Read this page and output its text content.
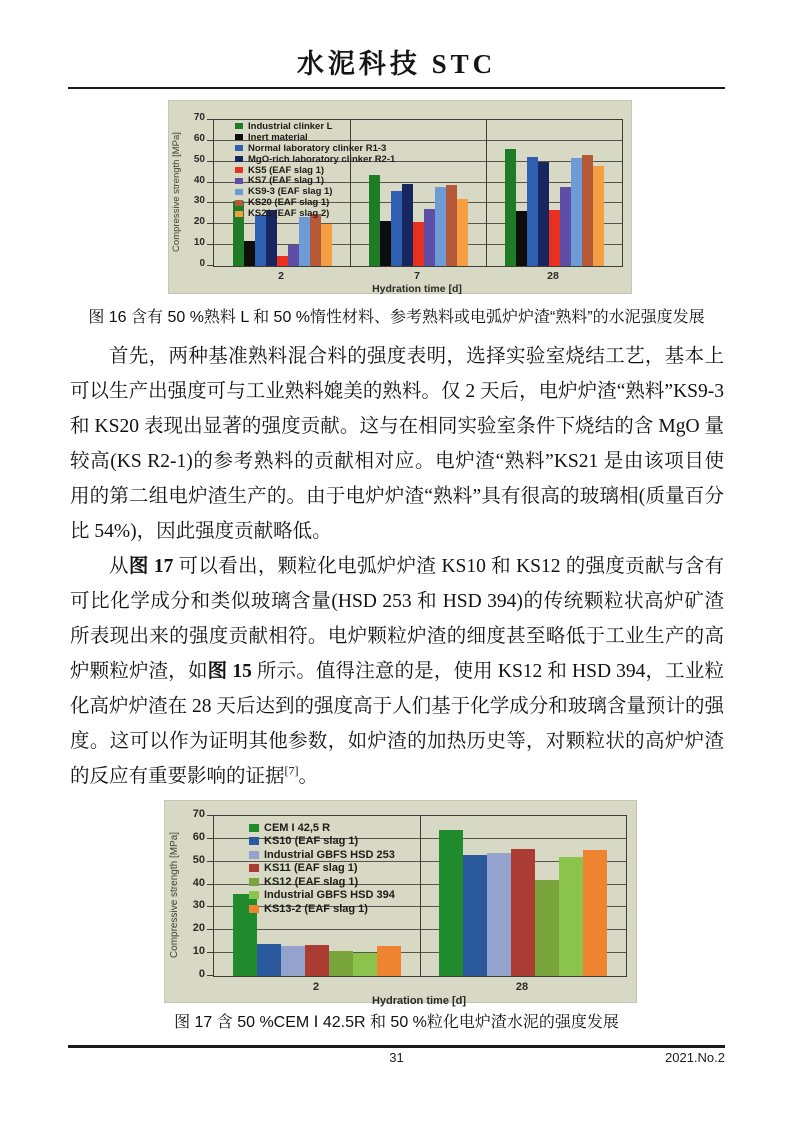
水泥科技 STC
Compressive strength [MPa]
0
10
20
30
40
50
60
70
2	7	28
Hydration time [d]
Industrial clinker L
Inert material
Normal laboratory clinker R1-3
MgO-rich laboratory clinker R2-1
KS5 (EAF slag 1)
KS7 (EAF slag 1)
KS9-3 (EAF slag 1)
KS20 (EAF slag 1)
KS21 (EAF slag 2)
图 16 含有 50 %熟料 L 和 50 %惰性材料、参考熟料或电弧炉炉渣“熟料”的水泥强度发展
首先，两种基准熟料混合料的强度表明，选择实验室烧结工艺，基本上可以生产出强度可与工业熟料媲美的熟料。仅 2 天后，电炉炉渣“熟料”KS9-3 和 KS20 表现出显著的强度贡献。这与在相同实验室条件下烧结的含 MgO 量较高(KS R2-1)的参考熟料的贡献相对应。电炉渣“熟料”KS21 是由该项目使用的第二组电炉渣生产的。由于电炉炉渣“熟料”具有很高的玻璃相(质量百分比 54%)，因此强度贡献略低。
从图 17 可以看出，颗粒化电弧炉炉渣 KS10 和 KS12 的强度贡献与含有可比化学成分和类似玻璃含量(HSD 253 和 HSD 394)的传统颗粒状高炉矿渣所表现出来的强度贡献相符。电炉颗粒炉渣的细度甚至略低于工业生产的高炉颗粒炉渣，如图 15 所示。值得注意的是，使用 KS12 和 HSD 394，工业粒化高炉炉渣在 28 天后达到的强度高于人们基于化学成分和玻璃含量预计的强度。这可以作为证明其他参数，如炉渣的加热历史等，对颗粒状的高炉炉渣的反应有重要影响的证据[7]。
Compressive strength [MPa]
0
10
20
30
40
50
60
70
2	28
Hydration time [d]
CEM I 42,5 R
KS10 (EAF slag 1)
Industrial GBFS HSD 253
KS11 (EAF slag 1)
KS12 (EAF slag 1)
Industrial GBFS HSD 394
KS13-2 (EAF slag 1)
图 17 含 50 %CEM Ⅰ 42.5R 和 50 %粒化电炉渣水泥的强度发展
31	2021.No.2
